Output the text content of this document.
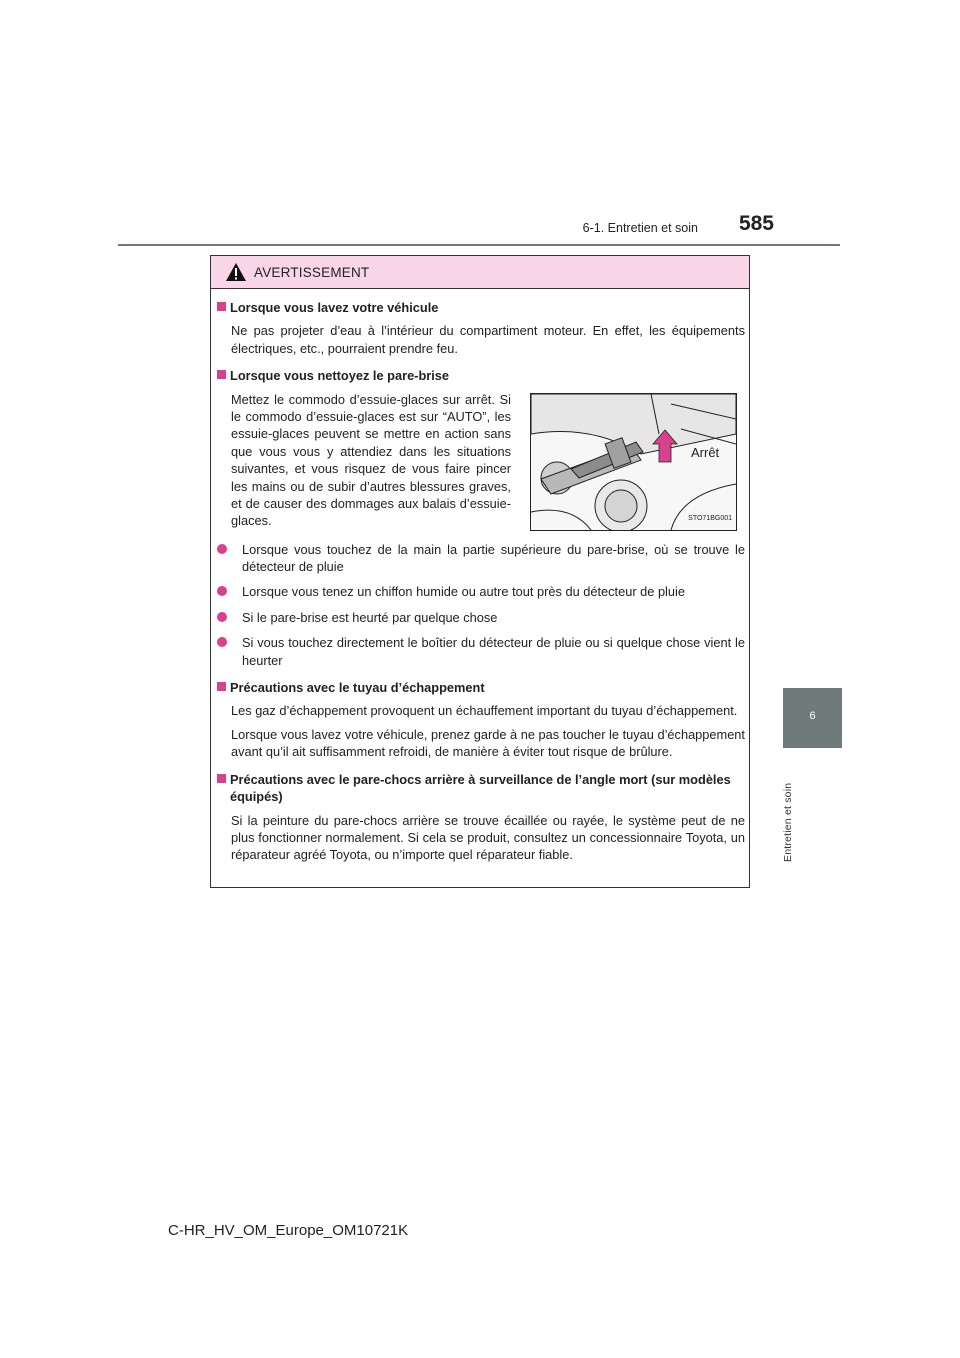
6-1. Entretien et soin 585
6
Entretien et soin
AVERTISSEMENT
Lorsque vous lavez votre véhicule
Ne pas projeter d’eau à l’intérieur du compartiment moteur. En effet, les équipements électriques, etc., pourraient prendre feu.
Lorsque vous nettoyez le pare-brise
Mettez le commodo d’essuie-glaces sur arrêt. Si le commodo d’essuie-glaces est sur “AUTO”, les essuie-glaces peuvent se mettre en action sans que vous vous y attendiez dans les situations suivantes, et vous risquez de vous faire pincer les mains ou de subir d’autres blessures graves, et de causer des dommages aux balais d’essuie-glaces.
Arrêt
STO71BG001
Lorsque vous touchez de la main la partie supérieure du pare-brise, où se trouve le détecteur de pluie
Lorsque vous tenez un chiffon humide ou autre tout près du détecteur de pluie
Si le pare-brise est heurté par quelque chose
Si vous touchez directement le boîtier du détecteur de pluie ou si quelque chose vient le heurter
Précautions avec le tuyau d’échappement
Les gaz d’échappement provoquent un échauffement important du tuyau d’échappement.
Lorsque vous lavez votre véhicule, prenez garde à ne pas toucher le tuyau d’échappement avant qu’il ait suffisamment refroidi, de manière à éviter tout risque de brûlure.
Précautions avec le pare-chocs arrière à surveillance de l’angle mort (sur modèles équipés)
Si la peinture du pare-chocs arrière se trouve écaillée ou rayée, le système peut de ne plus fonctionner normalement. Si cela se produit, consultez un concessionnaire Toyota, un réparateur agréé Toyota, ou n’importe quel réparateur fiable.
C-HR_HV_OM_Europe_OM10721K
